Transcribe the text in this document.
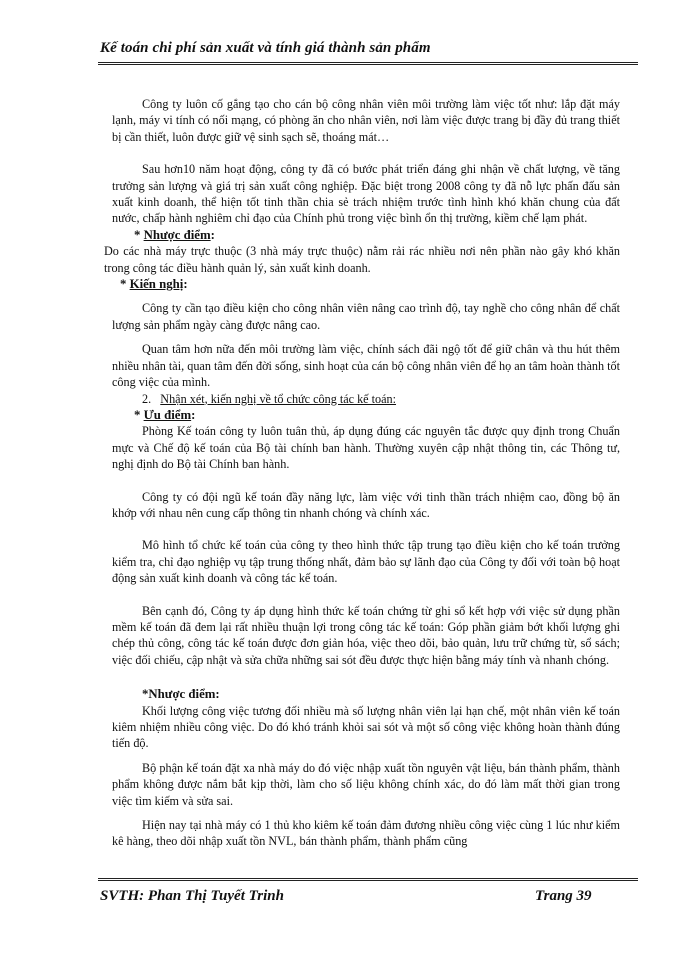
Kế toán chi phí sản xuất và tính giá thành sản phẩm

Công ty luôn cố gắng tạo cho cán bộ công nhân viên môi trường làm việc tốt như: lắp đặt máy lạnh, máy vi tính có nối mạng, có phòng ăn cho nhân viên, nơi làm việc được trang bị đầy đủ trang thiết bị cần thiết, luôn được giữ vệ sinh sạch sẽ, thoáng mát…

Sau hơn10 năm hoạt động, công ty đã có bước phát triển đáng ghi nhận về chất lượng, về tăng trưởng sản lượng và giá trị sản xuất công nghiệp. Đặc biệt trong 2008 công ty đã nỗ lực phấn đấu sản xuất kinh doanh, thể hiện tốt tinh thần chia sẻ trách nhiệm trước tình hình khó khăn chung của đất nước, chấp hành nghiêm chỉ đạo của Chính phủ trong việc bình ổn thị trường, kiềm chế lạm phát.

* Nhược điểm:

Do các nhà máy trực thuộc (3 nhà máy trực thuộc) nằm rải rác nhiều nơi nên phần nào gây khó khăn trong công tác điều hành quản lý, sản xuất kinh doanh.

* Kiến nghị:

Công ty cần tạo điều kiện cho công nhân viên nâng cao trình độ, tay nghề cho công nhân để chất lượng sản phẩm ngày càng được nâng cao.

Quan tâm hơn nữa đến môi trường làm việc, chính sách đãi ngộ tốt để giữ chân và thu hút thêm nhiều nhân tài, quan tâm đến đời sống, sinh hoạt của cán bộ công nhân viên để họ an tâm hoàn thành tốt công việc của mình.

2. Nhận xét, kiến nghị về tổ chức công tác kế toán:
* Ưu điểm:

Phòng Kế toán công ty luôn tuân thủ, áp dụng đúng các nguyên tắc được quy định trong Chuẩn mực và Chế độ kế toán của Bộ tài chính ban hành. Thường xuyên cập nhật thông tin, các Thông tư, nghị định do Bộ tài Chính ban hành.

Công ty có đội ngũ kế toán đầy năng lực, làm việc với tinh thần trách nhiệm cao, đồng bộ ăn khớp với nhau nên cung cấp thông tin nhanh chóng và chính xác.

Mô hình tổ chức kế toán của công ty theo hình thức tập trung tạo điều kiện cho kế toán trưởng kiểm tra, chỉ đạo nghiệp vụ tập trung thống nhất, đảm bảo sự lãnh đạo của Công ty đối với toàn bộ hoạt động sản xuất kinh doanh và công tác kế toán.

Bên cạnh đó, Công ty áp dụng hình thức kế toán chứng từ ghi sổ kết hợp với việc sử dụng phần mềm kế toán đã đem lại rất nhiều thuận lợi trong công tác kế toán: Góp phần giảm bớt khối lượng ghi chép thủ công, công tác kế toán được đơn giản hóa, việc theo dõi, bảo quản, lưu trữ chứng từ, sổ sách; việc đối chiếu, cập nhật và sửa chữa những sai sót đều được thực hiện bằng máy tính và nhanh chóng.

*Nhược điểm:

Khối lượng công việc tương đối nhiều mà số lượng nhân viên lại hạn chế, một nhân viên kế toán kiêm nhiệm nhiều công việc. Do đó khó tránh khỏi sai sót và một số công việc không hoàn thành đúng tiến độ.

Bộ phận kế toán đặt xa nhà máy do đó việc nhập xuất tồn nguyên vật liệu, bán thành phẩm, thành phẩm không được nắm bắt kịp thời, làm cho số liệu không chính xác, do đó làm mất thời gian trong việc tìm kiếm và sửa sai.

Hiện nay tại nhà máy có 1 thủ kho kiêm kế toán đảm đương nhiều công việc cùng 1 lúc như kiểm kê hàng, theo dõi nhập xuất tồn NVL, bán thành phẩm, thành phẩm cũng

SVTH: Phan Thị Tuyết Trinh	Trang 39
